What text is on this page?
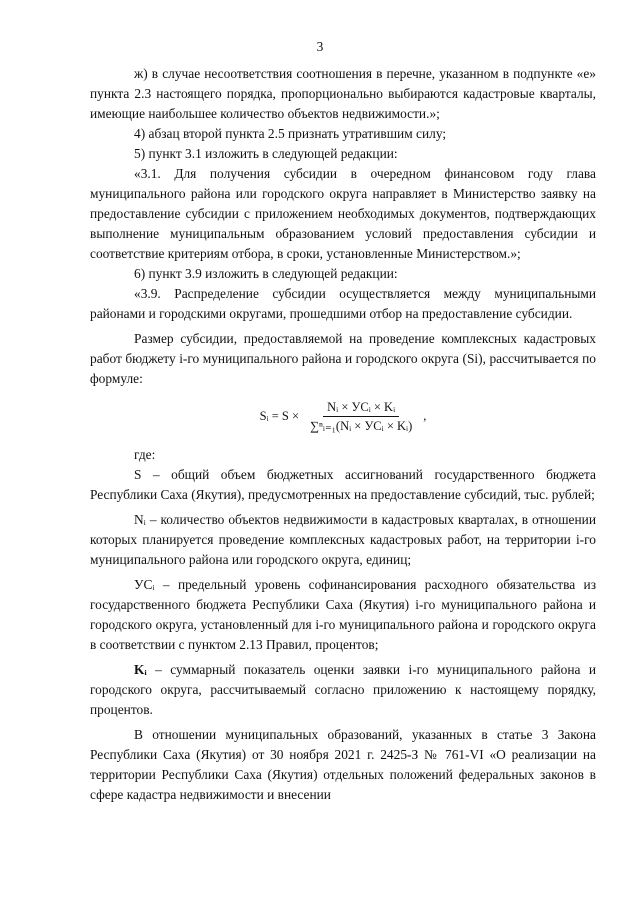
3

ж) в случае несоответствия соотношения в перечне, указанном в подпункте «е» пункта 2.3 настоящего порядка, пропорционально выбираются кадастровые кварталы, имеющие наибольшее количество объектов недвижимости.»;

4) абзац второй пункта 2.5 признать утратившим силу;

5) пункт 3.1 изложить в следующей редакции:

«3.1. Для получения субсидии в очередном финансовом году глава муниципального района или городского округа направляет в Министерство заявку на предоставление субсидии с приложением необходимых документов, подтверждающих выполнение муниципальным образованием условий предоставления субсидии и соответствие критериям отбора, в сроки, установленные Министерством.»;

6) пункт 3.9 изложить в следующей редакции:

«3.9. Распределение субсидии осуществляется между муниципальными районами и городскими округами, прошедшими отбор на предоставление субсидии.

Размер субсидии, предоставляемой на проведение комплексных кадастровых работ бюджету i-го муниципального района и городского округа (Si), рассчитывается по формуле:

Sᵢ = $S \times \frac{\text{Nᵢ × УCᵢ × Kᵢ}}{\text{∑ⁿᵢ₌₁(Nᵢ × УCᵢ × Kᵢ)}}$ ,

где:

S – общий объем бюджетных ассигнований государственного бюджета Республики Саха (Якутия), предусмотренных на предоставление субсидий, тыс. рублей;

Nᵢ – количество объектов недвижимости в кадастровых кварталах, в отношении которых планируется проведение комплексных кадастровых работ, на территории i-го муниципального района или городского округа, единиц;

УCᵢ – предельный уровень софинансирования расходного обязательства из государственного бюджета Республики Саха (Якутия) i-го муниципального района и городского округа, установленный для i-го муниципального района и городского округа в соответствии с пунктом 2.13 Правил, процентов;

Kᵢ – суммарный показатель оценки заявки i-го муниципального района и городского округа, рассчитываемый согласно приложению к настоящему порядку, процентов.

В отношении муниципальных образований, указанных в статье 3 Закона Республики Саха (Якутия) от 30 ноября 2021 г. 2425-З № 761-VI «О реализации на территории Республики Саха (Якутия) отдельных положений федеральных законов в сфере кадастра недвижимости и внесении
